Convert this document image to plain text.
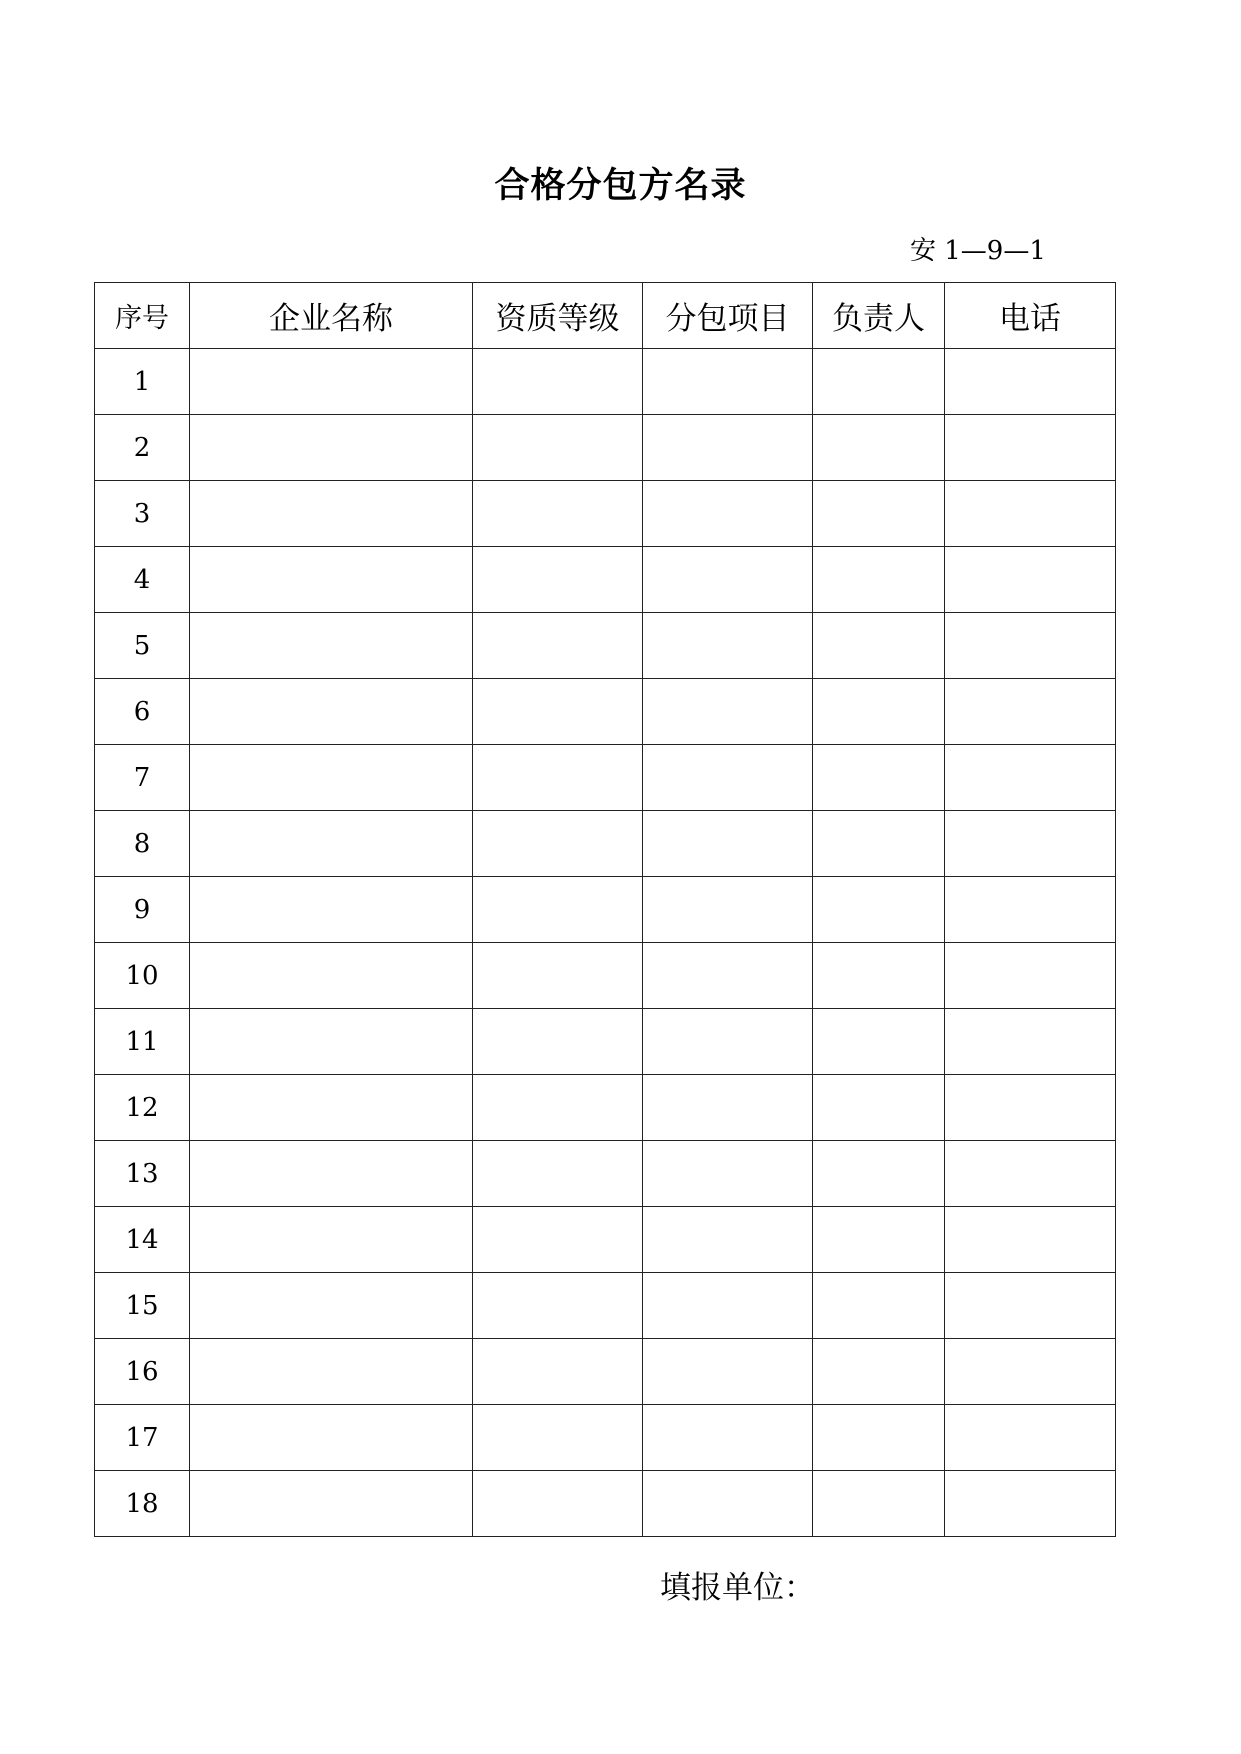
合格分包方名录
安 1—9—1
序号	企业名称	资质等级	分包项目	负责人	电话
1					
2					
3					
4					
5					
6					
7					
8					
9					
10					
11					
12					
13					
14					
15					
16					
17					
18					
填报单位：
